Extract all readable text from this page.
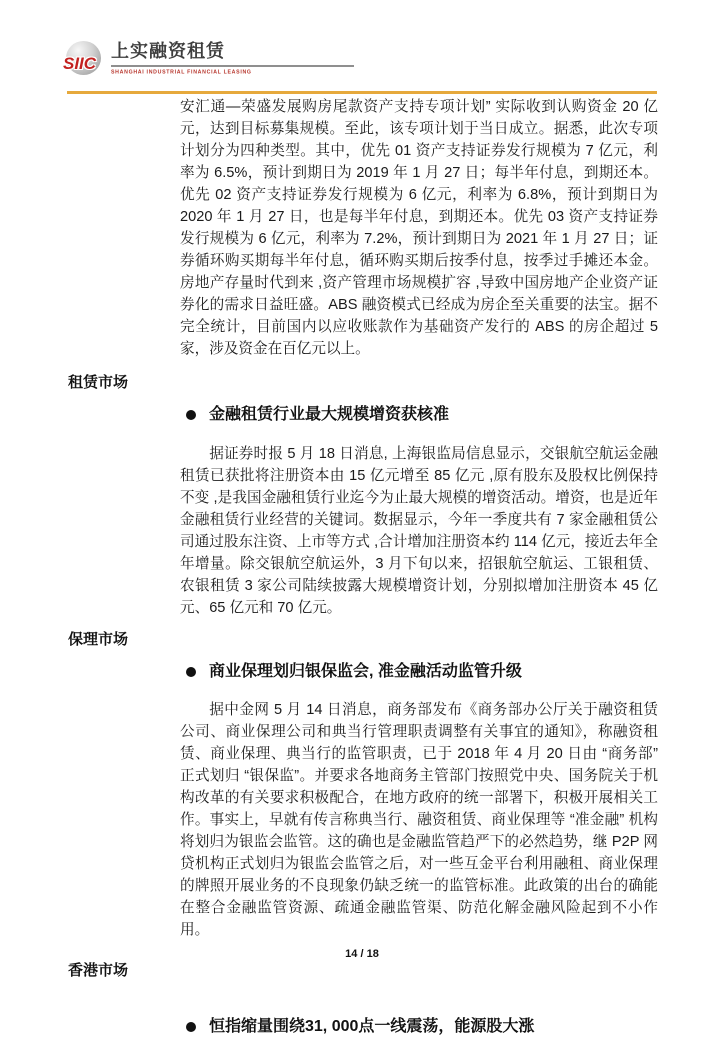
SIIC
上实融资租赁
SHANGHAI INDUSTRIAL FINANCIAL LEASING

安汇通—荣盛发展购房尾款资产支持专项计划” 实际收到认购资金 20 亿元，达到目标募集规模。至此，该专项计划于当日成立。据悉，此次专项计划分为四种类型。其中，优先 01 资产支持证券发行规模为 7 亿元，利率为 6.5%，预计到期日为 2019 年 1 月 27 日；每半年付息，到期还本。优先 02 资产支持证券发行规模为 6 亿元，利率为 6.8%，预计到期日为 2020 年 1 月 27 日，也是每半年付息，到期还本。优先 03 资产支持证券发行规模为 6 亿元，利率为 7.2%，预计到期日为 2021 年 1 月 27 日；证券循环购买期每半年付息，循环购买期后按季付息，按季过手摊还本金。房地产存量时代到来 ,资产管理市场规模扩容 ,导致中国房地产企业资产证券化的需求日益旺盛。ABS 融资模式已经成为房企至关重要的法宝。据不完全统计，目前国内以应收账款作为基础资产发行的 ABS 的房企超过 5 家，涉及资金在百亿元以上。

租赁市场
金融租赁行业最大规模增资获核准

据证券时报 5 月 18 日消息, 上海银监局信息显示，交银航空航运金融租赁已获批将注册资本由 15 亿元增至 85 亿元 ,原有股东及股权比例保持不变 ,是我国金融租赁行业迄今为止最大规模的增资活动。增资，也是近年金融租赁行业经营的关键词。数据显示，今年一季度共有 7 家金融租赁公司通过股东注资、上市等方式 ,合计增加注册资本约 114 亿元，接近去年全年增量。除交银航空航运外，3 月下旬以来，招银航空航运、工银租赁、农银租赁 3 家公司陆续披露大规模增资计划，分别拟增加注册资本 45 亿元、65 亿元和 70 亿元。

保理市场
商业保理划归银保监会, 准金融活动监管升级

据中金网 5 月 14 日消息，商务部发布《商务部办公厅关于融资租赁公司、商业保理公司和典当行管理职责调整有关事宜的通知》，称融资租赁、商业保理、典当行的监管职责，已于 2018 年 4 月 20 日由 “商务部” 正式划归 “银保监”。并要求各地商务主管部门按照党中央、国务院关于机构改革的有关要求积极配合，在地方政府的统一部署下，积极开展相关工作。事实上，早就有传言称典当行、融资租赁、商业保理等 “准金融” 机构将划归为银监会监管。这的确也是金融监管趋严下的必然趋势，继 P2P 网贷机构正式划归为银监会监管之后，对一些互金平台利用融租、商业保理的牌照开展业务的不良现象仍缺乏统一的监管标准。此政策的出台的确能在整合金融监管资源、疏通金融监管渠、防范化解金融风险起到不小作用。

香港市场
恒指缩量围绕31, 000点一线震荡，能源股大涨
14 / 18
